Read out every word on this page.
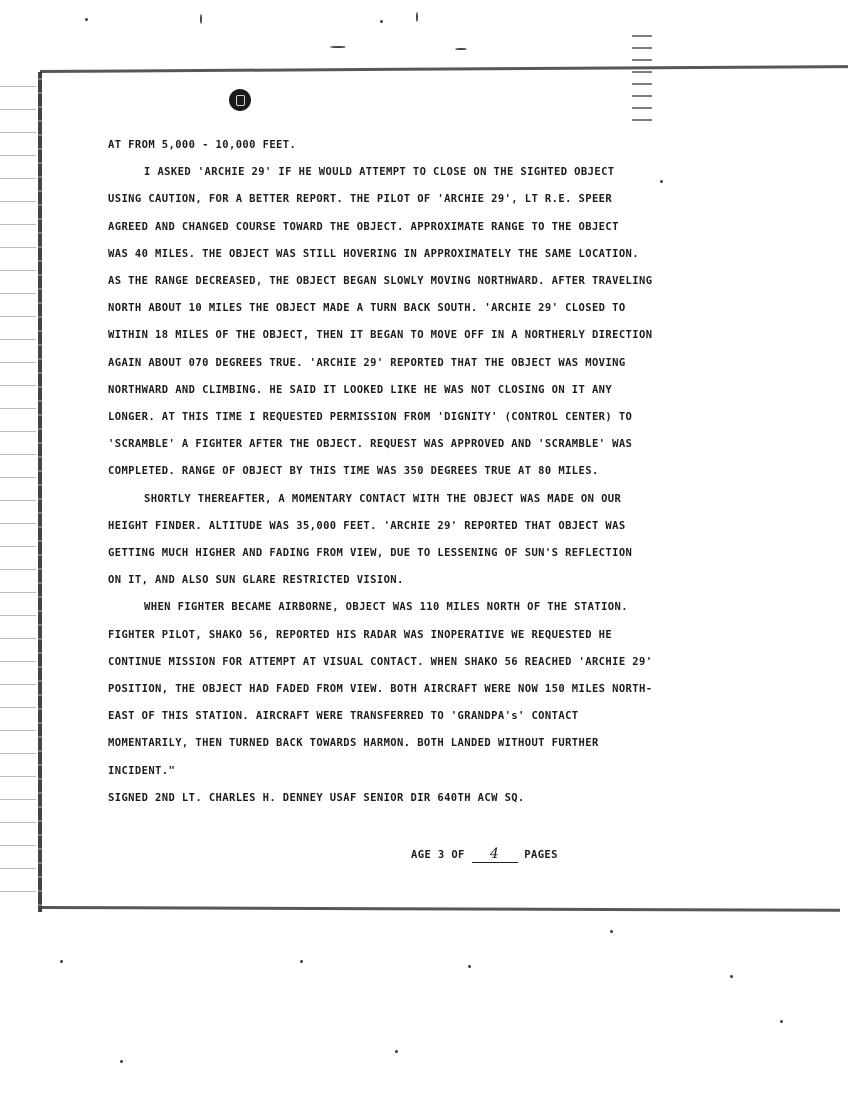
AT FROM 5,000 - 10,000 FEET.
I ASKED 'ARCHIE 29' IF HE WOULD ATTEMPT TO CLOSE ON THE SIGHTED OBJECT
USING CAUTION, FOR A BETTER REPORT. THE PILOT OF 'ARCHIE 29', LT R.E. SPEER
AGREED AND CHANGED COURSE TOWARD THE OBJECT. APPROXIMATE RANGE TO THE OBJECT
WAS 40 MILES. THE OBJECT WAS STILL HOVERING IN APPROXIMATELY THE SAME LOCATION.
AS THE RANGE DECREASED, THE OBJECT BEGAN SLOWLY MOVING NORTHWARD. AFTER TRAVELING
NORTH ABOUT 10 MILES THE OBJECT MADE A TURN BACK SOUTH. 'ARCHIE 29' CLOSED TO
WITHIN 18 MILES OF THE OBJECT, THEN IT BEGAN TO MOVE OFF IN A NORTHERLY DIRECTION
AGAIN ABOUT 070 DEGREES TRUE. 'ARCHIE 29' REPORTED THAT THE OBJECT WAS MOVING
NORTHWARD AND CLIMBING. HE SAID IT LOOKED LIKE HE WAS NOT CLOSING ON IT ANY
LONGER. AT THIS TIME I REQUESTED PERMISSION FROM 'DIGNITY' (CONTROL CENTER) TO
'SCRAMBLE' A FIGHTER AFTER THE OBJECT. REQUEST WAS APPROVED AND 'SCRAMBLE' WAS
COMPLETED. RANGE OF OBJECT BY THIS TIME WAS 350 DEGREES TRUE AT 80 MILES.
SHORTLY THEREAFTER, A MOMENTARY CONTACT WITH THE OBJECT WAS MADE ON OUR
HEIGHT FINDER. ALTITUDE WAS 35,000 FEET. 'ARCHIE 29' REPORTED THAT OBJECT WAS
GETTING MUCH HIGHER AND FADING FROM VIEW, DUE TO LESSENING OF SUN'S REFLECTION
ON IT, AND ALSO SUN GLARE RESTRICTED VISION.
WHEN FIGHTER BECAME AIRBORNE, OBJECT WAS 110 MILES NORTH OF THE STATION.
FIGHTER PILOT, SHAKO 56, REPORTED HIS RADAR WAS INOPERATIVE WE REQUESTED HE
CONTINUE MISSION FOR ATTEMPT AT VISUAL CONTACT. WHEN SHAKO 56 REACHED 'ARCHIE 29'
POSITION, THE OBJECT HAD FADED FROM VIEW. BOTH AIRCRAFT WERE NOW 150 MILES NORTH-
EAST OF THIS STATION. AIRCRAFT WERE TRANSFERRED TO 'GRANDPA's' CONTACT
MOMENTARILY, THEN TURNED BACK TOWARDS HARMON. BOTH LANDED WITHOUT FURTHER
INCIDENT."
SIGNED 2ND LT. CHARLES H. DENNEY USAF SENIOR DIR 640TH ACW SQ.
AGE 3 OF 4 PAGES
